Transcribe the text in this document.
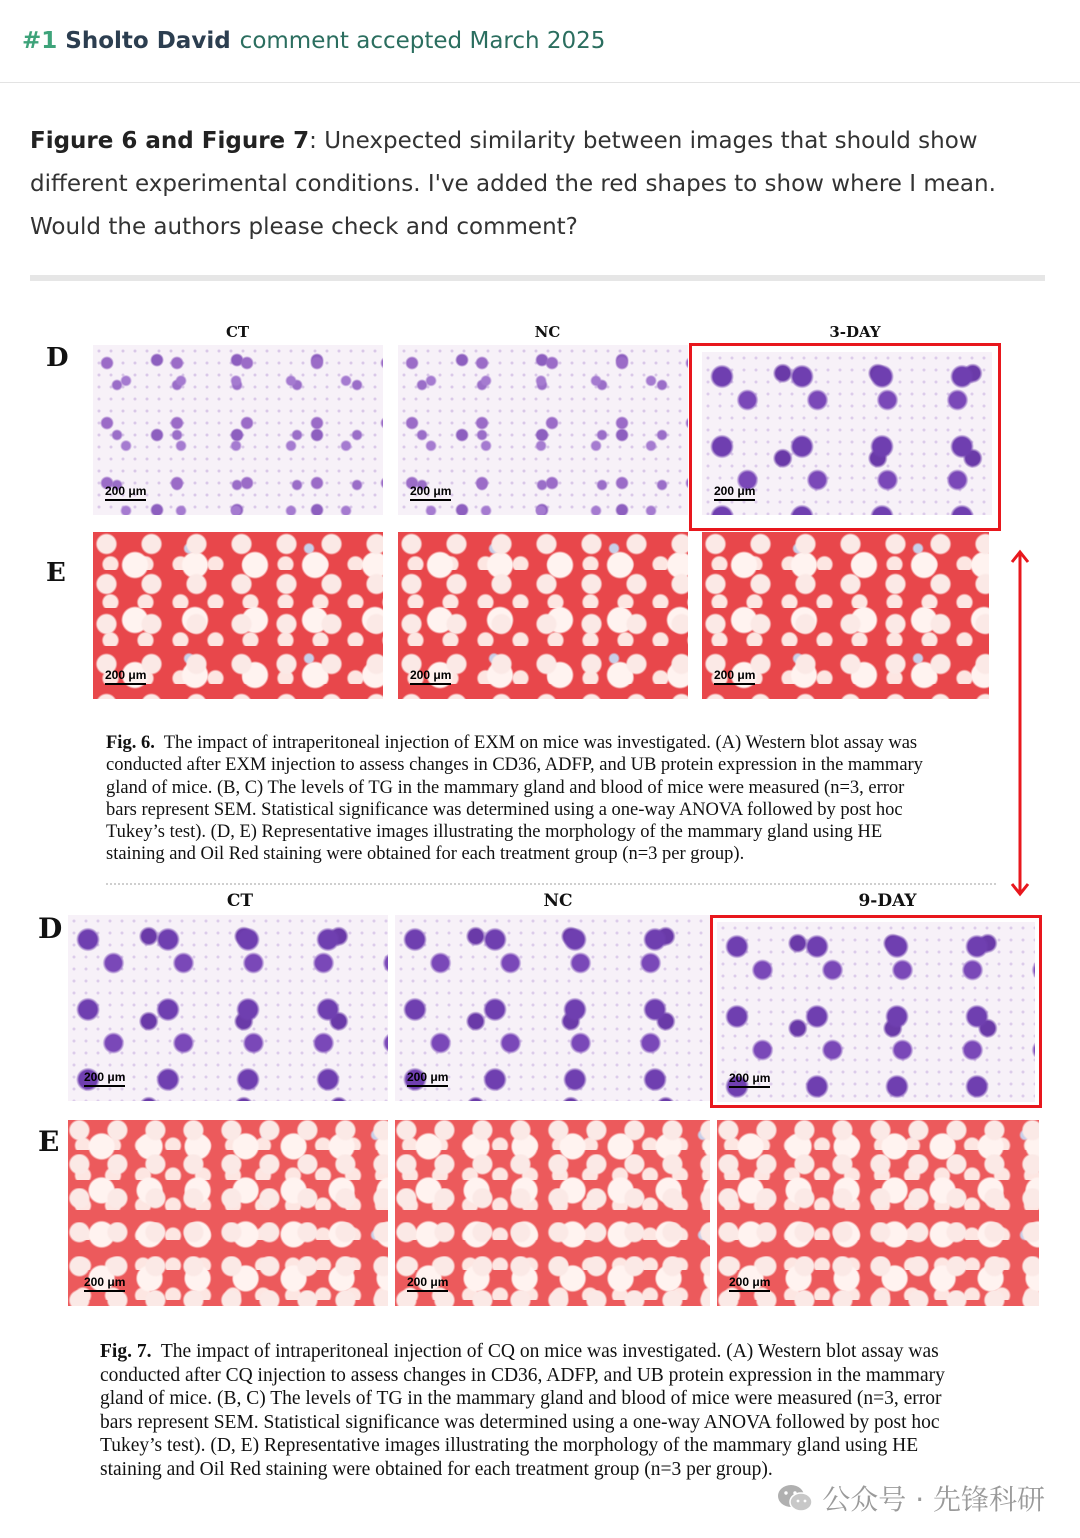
#1 Sholto David comment accepted March 2025
Figure 6 and Figure 7: Unexpected similarity between images that should show different experimental conditions. I've added the red shapes to show where I mean. Would the authors please check and comment?
D
E
CT	NC	3-DAY
200 μm	200 μm	200 μm
200 μm	200 μm	200 μm
Fig. 6. The impact of intraperitoneal injection of EXM on mice was investigated. (A) Western blot assay was
conducted after EXM injection to assess changes in CD36, ADFP, and UB protein expression in the mammary
gland of mice. (B, C) The levels of TG in the mammary gland and blood of mice were measured (n=3, error
bars represent SEM. Statistical significance was determined using a one-way ANOVA followed by post hoc
Tukey’s test). (D, E) Representative images illustrating the morphology of the mammary gland using HE
staining and Oil Red staining were obtained for each treatment group (n=3 per group).
D
E
CT	NC	9-DAY
200 μm	200 μm	200 μm
200 μm	200 μm	200 μm
Fig. 7. The impact of intraperitoneal injection of CQ on mice was investigated. (A) Western blot assay was
conducted after CQ injection to assess changes in CD36, ADFP, and UB protein expression in the mammary
gland of mice. (B, C) The levels of TG in the mammary gland and blood of mice were measured (n=3, error
bars represent SEM. Statistical significance was determined using a one-way ANOVA followed by post hoc
Tukey’s test). (D, E) Representative images illustrating the morphology of the mammary gland using HE
staining and Oil Red staining were obtained for each treatment group (n=3 per group).
公众号 · 先锋科研
